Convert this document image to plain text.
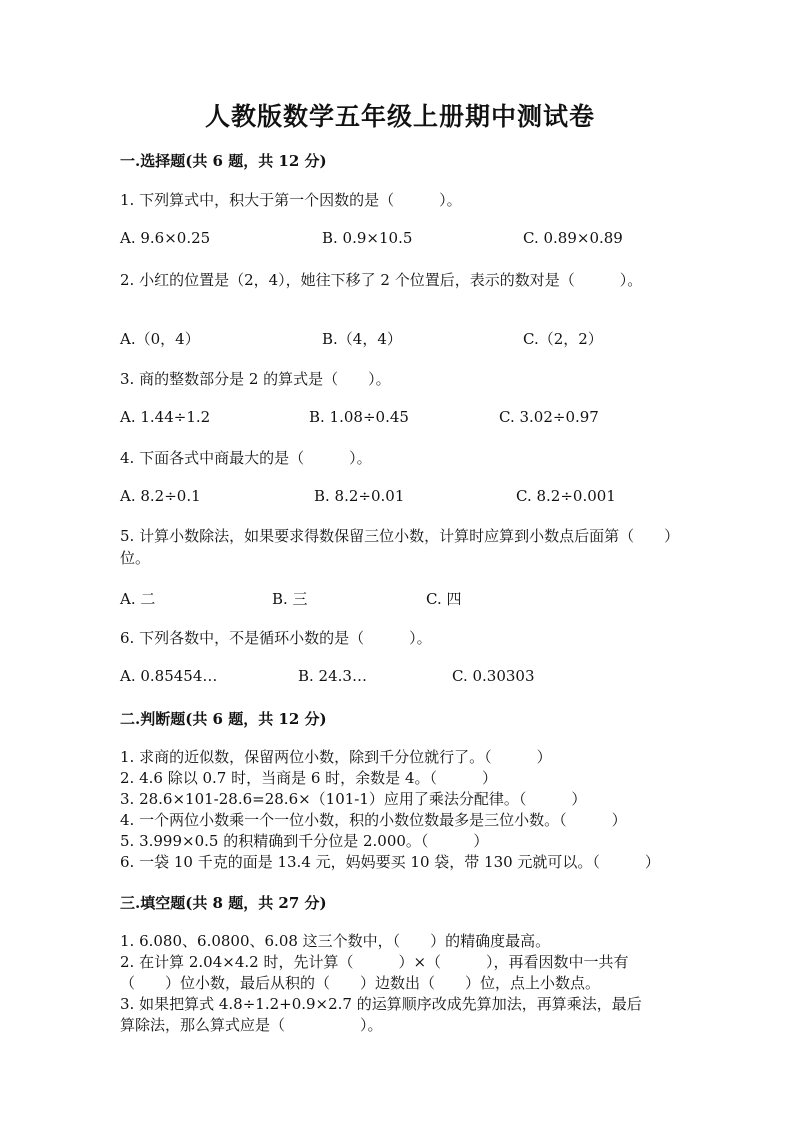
人教版数学五年级上册期中测试卷
一.选择题(共 6 题，共 12 分)
1. 下列算式中，积大于第一个因数的是（　　　）。
A. 9.6×0.25	B. 0.9×10.5	C. 0.89×0.89
2. 小红的位置是（2，4），她往下移了 2 个位置后，表示的数对是（　　　）。
A.（0，4）	B.（4，4）	C.（2，2）
3. 商的整数部分是 2 的算式是（　　）。
A. 1.44÷1.2	B. 1.08÷0.45	C. 3.02÷0.97
4. 下面各式中商最大的是（　　　）。
A. 8.2÷0.1	B. 8.2÷0.01	C. 8.2÷0.001
5. 计算小数除法，如果要求得数保留三位小数，计算时应算到小数点后面第（　　）位。
A. 二	B. 三	C. 四
6. 下列各数中，不是循环小数的是（　　　）。
A. 0.85454…	B. 24.3…	C. 0.30303
二.判断题(共 6 题，共 12 分)
1. 求商的近似数，保留两位小数，除到千分位就行了。（　　　）
2. 4.6 除以 0.7 时，当商是 6 时，余数是 4。（　　　）
3. 28.6×101-28.6=28.6×（101-1）应用了乘法分配律。（　　　）
4. 一个两位小数乘一个一位小数，积的小数位数最多是三位小数。（　　　）
5. 3.999×0.5 的积精确到千分位是 2.000。（　　　）
6. 一袋 10 千克的面是 13.4 元，妈妈要买 10 袋，带 130 元就可以。（　　　）
三.填空题(共 8 题，共 27 分)
1. 6.080、6.0800、6.08 这三个数中，（　　）的精确度最高。
2. 在计算 2.04×4.2 时，先计算（　　　）×（　　　），再看因数中一共有
（　　）位小数，最后从积的（　　）边数出（　　）位，点上小数点。
3. 如果把算式 4.8÷1.2+0.9×2.7 的运算顺序改成先算加法，再算乘法，最后
算除法，那么算式应是（　　　　　）。
